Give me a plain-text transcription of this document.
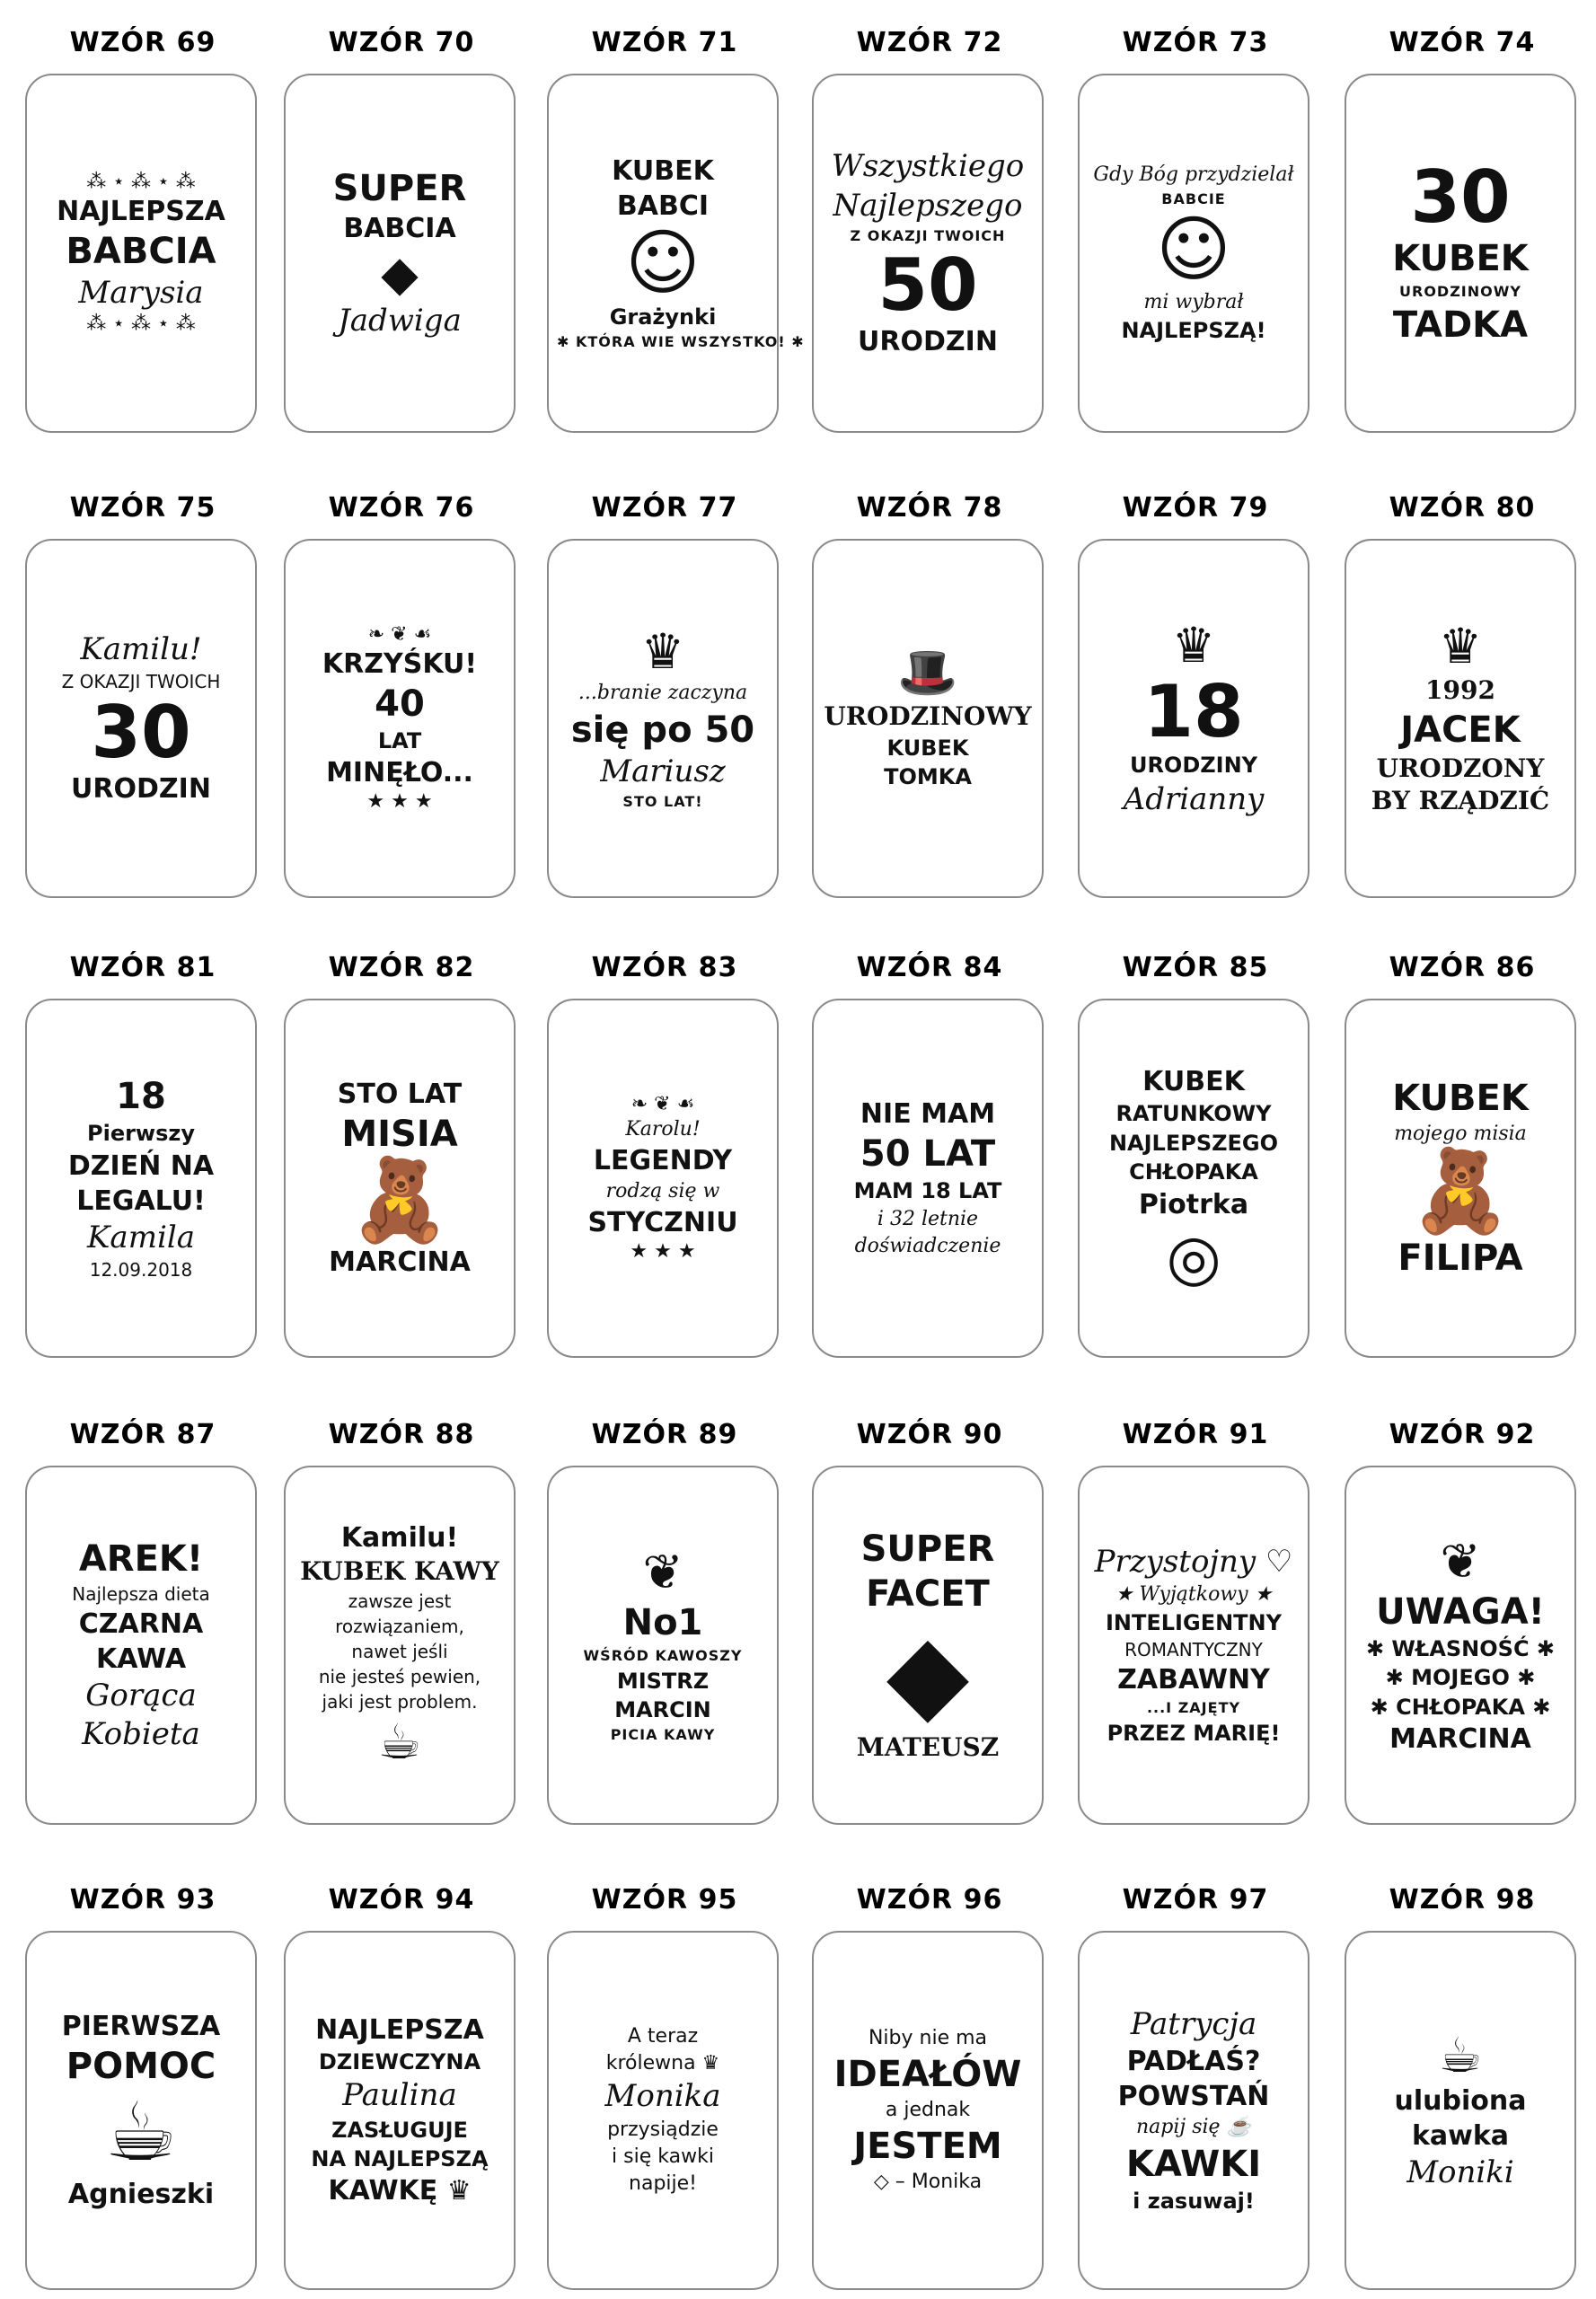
WZÓR 69
⁂ ⋆ ⁂ ⋆ ⁂
NAJLEPSZA
BABCIA
Marysia
⁂ ⋆ ⁂ ⋆ ⁂
WZÓR 70
SUPER
BABCIA
◆
Jadwiga
WZÓR 71
KUBEK
BABCI
☺
Grażynki
✱ KTÓRA WIE WSZYSTKO! ✱
WZÓR 72
Wszystkiego
Najlepszego
Z OKAZJI TWOICH
50
URODZIN
WZÓR 73
Gdy Bóg przydzielał
BABCIE
☺
mi wybrał
NAJLEPSZĄ!
WZÓR 74
30
KUBEK
URODZINOWY
TADKA
WZÓR 75
Kamilu!
Z OKAZJI TWOICH
30
URODZIN
WZÓR 76
❧ ❦ ☙
KRZYŚKU!
40
LAT
MINĘŁO...
★ ★ ★
WZÓR 77
♛
...branie zaczyna
się po 50
Mariusz
STO LAT!
WZÓR 78
🎩
URODZINOWY
KUBEK
TOMKA
WZÓR 79
♛
18
URODZINY
Adrianny
WZÓR 80
♛
1992
JACEK
URODZONY
BY RZĄDZIĆ
WZÓR 81
18
Pierwszy
DZIEŃ NA
LEGALU!
Kamila
12.09.2018
WZÓR 82
STO LAT
MISIA
🧸
MARCINA
WZÓR 83
❧ ❦ ☙
Karolu!
LEGENDY
rodzą się w
STYCZNIU
★ ★ ★
WZÓR 84
NIE MAM
50 LAT
MAM 18 LAT
i 32 letnie
doświadczenie
WZÓR 85
KUBEK
RATUNKOWY
NAJLEPSZEGO
CHŁOPAKA
Piotrka
◎
WZÓR 86
KUBEK
mojego misia
🧸
FILIPA
WZÓR 87
AREK!
Najlepsza dieta
CZARNA
KAWA
Gorąca
Kobieta
WZÓR 88
Kamilu!
KUBEK KAWY
zawsze jest
rozwiązaniem,
nawet jeśli
nie jesteś pewien,
jaki jest problem.
☕
WZÓR 89
❦
No1
WŚRÓD KAWOSZY
MISTRZ
MARCIN
PICIA KAWY
WZÓR 90
SUPER
FACET
◆
MATEUSZ
WZÓR 91
Przystojny ♡
★ Wyjątkowy ★
INTELIGENTNY
ROMANTYCZNY
ZABAWNY
...I ZAJĘTY
PRZEZ MARIĘ!
WZÓR 92
❦
UWAGA!
✱ WŁASNOŚĆ ✱
✱ MOJEGO ✱
✱ CHŁOPAKA ✱
MARCINA
WZÓR 93
PIERWSZA
POMOC
☕
Agnieszki
WZÓR 94
NAJLEPSZA
DZIEWCZYNA
Paulina
ZASŁUGUJE
NA NAJLEPSZĄ
KAWKĘ ♛
WZÓR 95
A teraz
królewna ♛
Monika
przysiądzie
i się kawki
napije!
WZÓR 96
Niby nie ma
IDEAŁÓW
a jednak
JESTEM
◇ – Monika
WZÓR 97
Patrycja
PADŁAŚ?
POWSTAŃ
napij się ☕
KAWKI
i zasuwaj!
WZÓR 98
☕
ulubiona
kawka
Moniki
